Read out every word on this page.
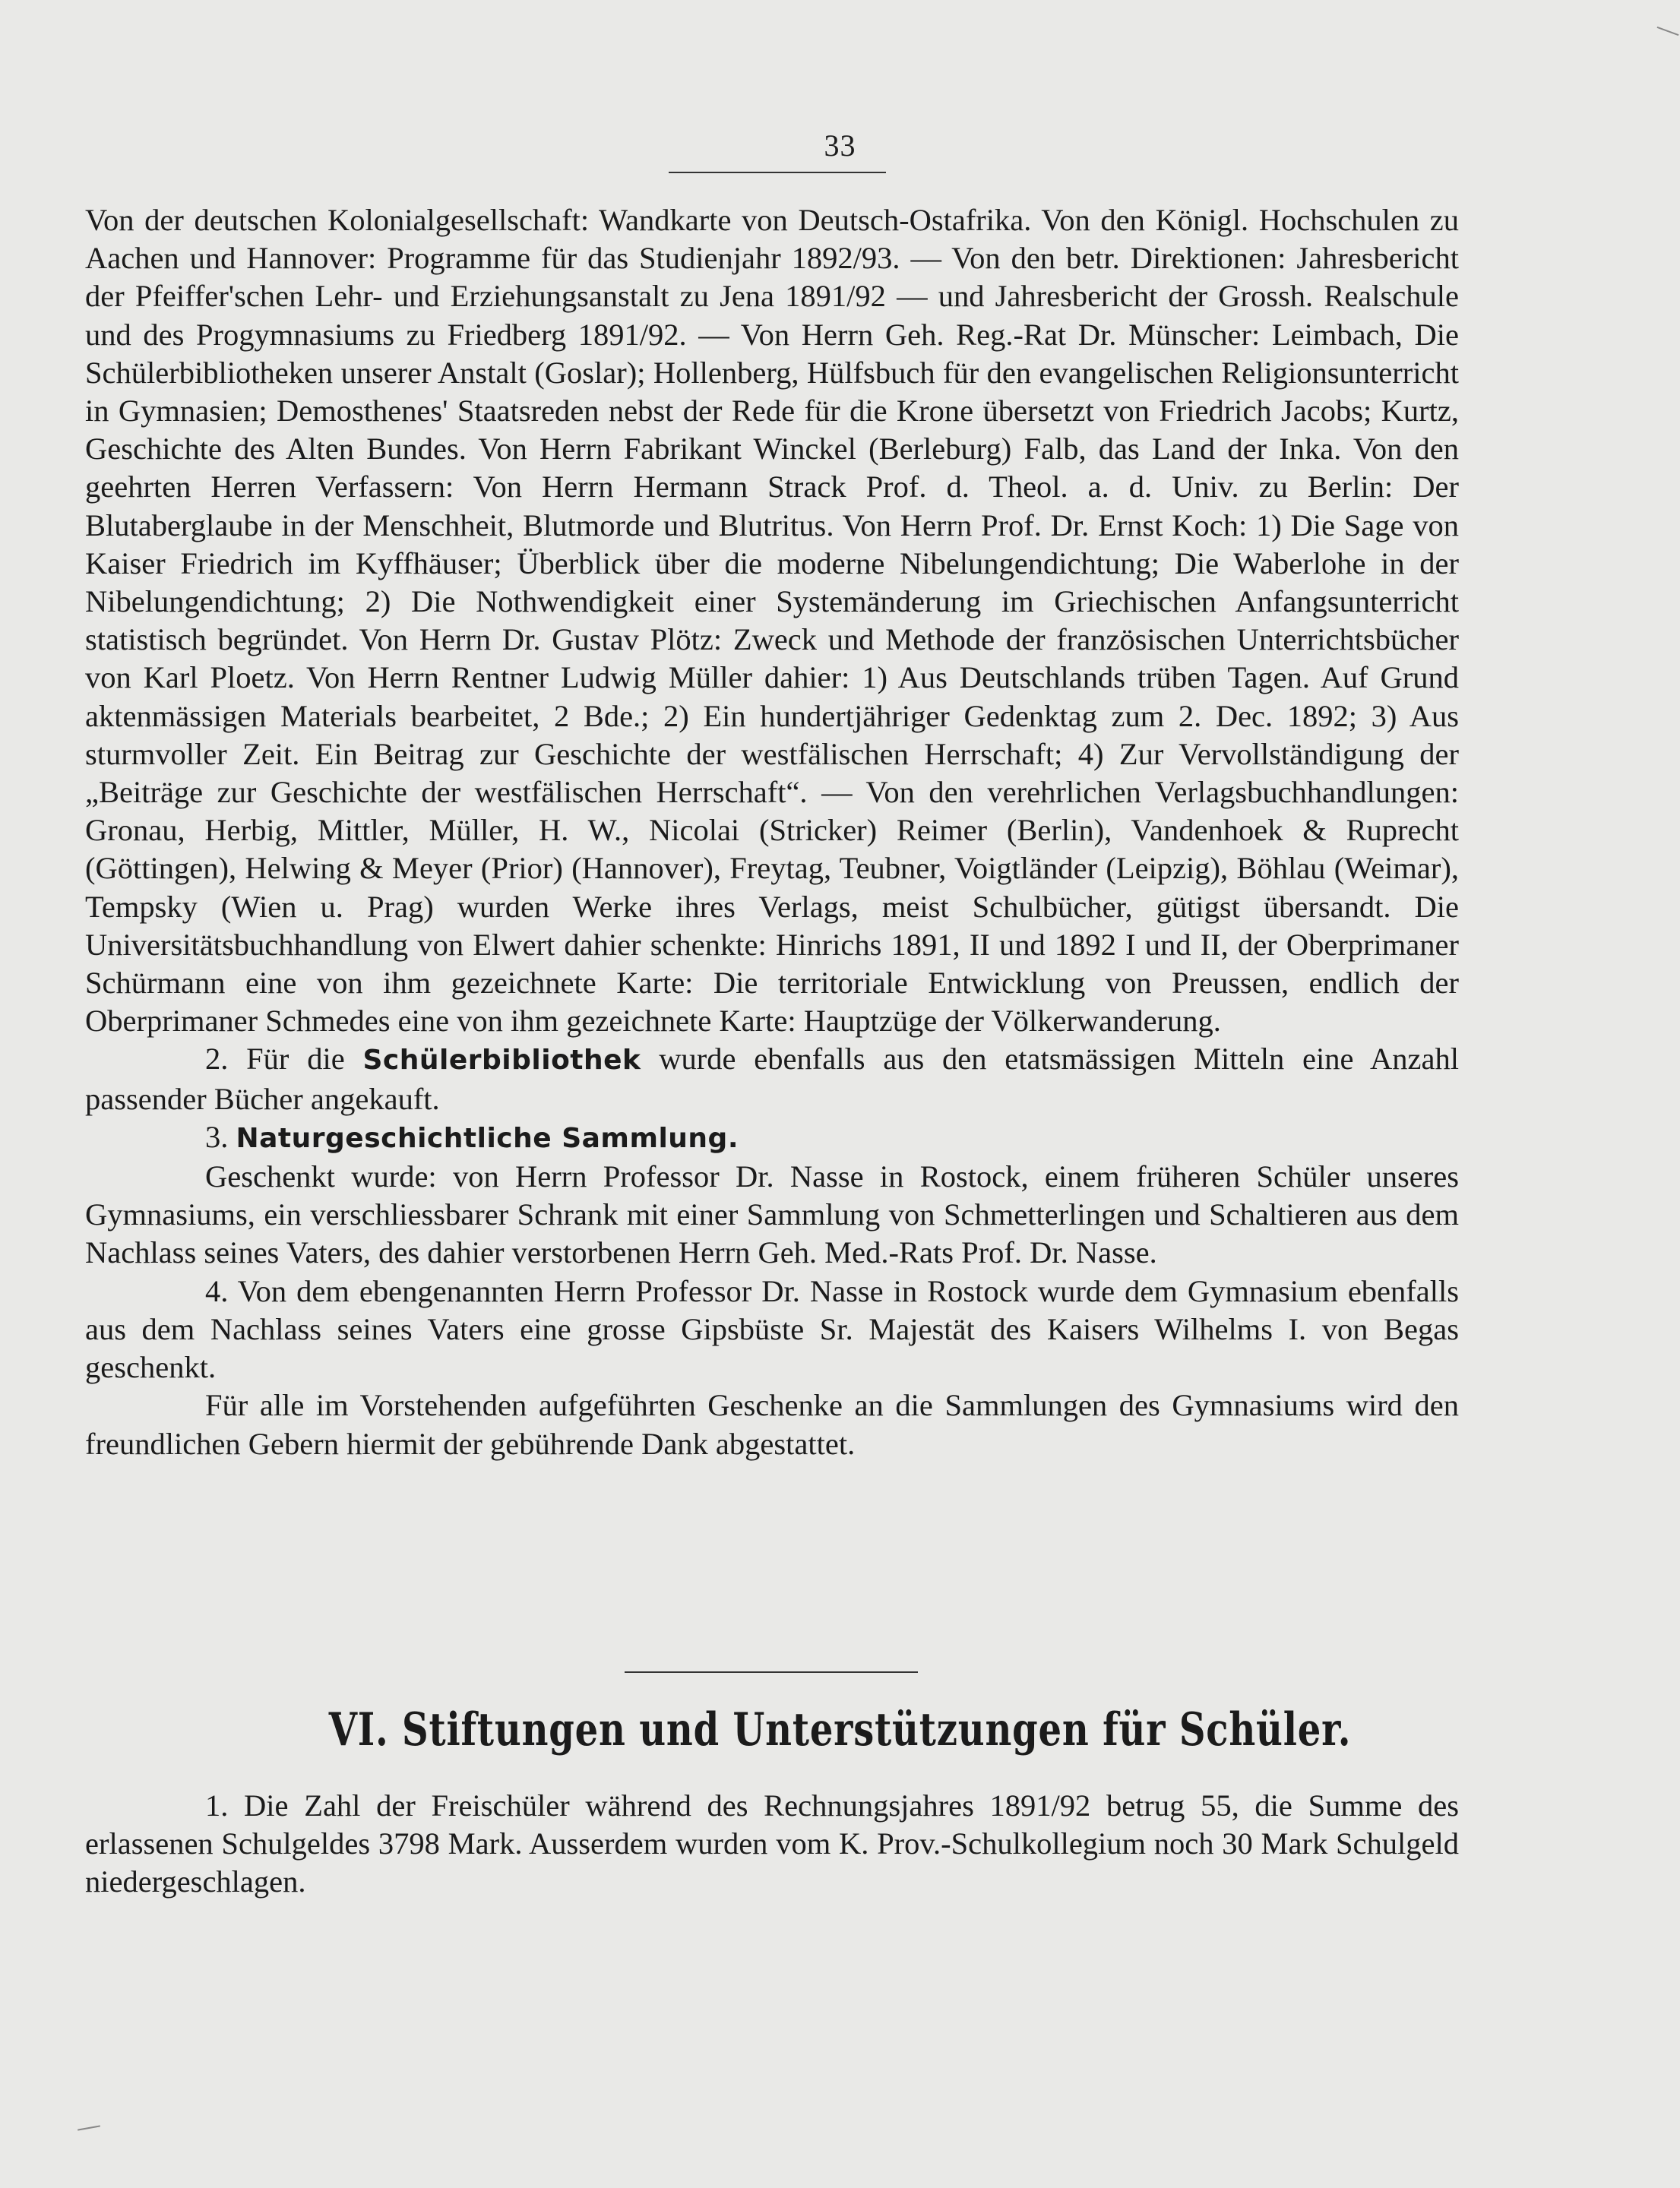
33

Von der deutschen Kolonialgesellschaft: Wandkarte von Deutsch-Ostafrika. Von den Königl. Hochschulen zu Aachen und Hannover: Programme für das Studienjahr 1892/93. — Von den betr. Direktionen: Jahresbericht der Pfeiffer'schen Lehr- und Erziehungsanstalt zu Jena 1891/92 — und Jahresbericht der Grossh. Realschule und des Progymnasiums zu Friedberg 1891/92. — Von Herrn Geh. Reg.-Rat Dr. Münscher: Leimbach, Die Schülerbibliotheken unserer Anstalt (Goslar); Hollenberg, Hülfsbuch für den evangelischen Religionsunterricht in Gymnasien; Demosthenes' Staatsreden nebst der Rede für die Krone übersetzt von Friedrich Jacobs; Kurtz, Geschichte des Alten Bundes. Von Herrn Fabrikant Winckel (Berleburg) Falb, das Land der Inka. Von den geehrten Herren Verfassern: Von Herrn Hermann Strack Prof. d. Theol. a. d. Univ. zu Berlin: Der Blutaberglaube in der Menschheit, Blutmorde und Blutritus. Von Herrn Prof. Dr. Ernst Koch: 1) Die Sage von Kaiser Friedrich im Kyffhäuser; Überblick über die moderne Nibelungendichtung; Die Waberlohe in der Nibelungendichtung; 2) Die Nothwendigkeit einer Systemänderung im Griechischen Anfangsunterricht statistisch begründet. Von Herrn Dr. Gustav Plötz: Zweck und Methode der französischen Unterrichtsbücher von Karl Ploetz. Von Herrn Rentner Ludwig Müller dahier: 1) Aus Deutschlands trüben Tagen. Auf Grund aktenmässigen Materials bearbeitet, 2 Bde.; 2) Ein hundertjähriger Gedenktag zum 2. Dec. 1892; 3) Aus sturmvoller Zeit. Ein Beitrag zur Geschichte der westfälischen Herrschaft; 4) Zur Vervollständigung der „Beiträge zur Geschichte der westfälischen Herrschaft“. — Von den verehrlichen Verlagsbuchhandlungen: Gronau, Herbig, Mittler, Müller, H. W., Nicolai (Stricker) Reimer (Berlin), Vandenhoek & Ruprecht (Göttingen), Helwing & Meyer (Prior) (Hannover), Freytag, Teubner, Voigtländer (Leipzig), Böhlau (Weimar), Tempsky (Wien u. Prag) wurden Werke ihres Verlags, meist Schulbücher, gütigst übersandt. Die Universitätsbuchhandlung von Elwert dahier schenkte: Hinrichs 1891, II und 1892 I und II, der Oberprimaner Schürmann eine von ihm gezeichnete Karte: Die territoriale Entwicklung von Preussen, endlich der Oberprimaner Schmedes eine von ihm gezeichnete Karte: Hauptzüge der Völkerwanderung.

2. Für die Schülerbibliothek wurde ebenfalls aus den etatsmässigen Mitteln eine Anzahl passender Bücher angekauft.

3. Naturgeschichtliche Sammlung.

Geschenkt wurde: von Herrn Professor Dr. Nasse in Rostock, einem früheren Schüler unseres Gymnasiums, ein verschliessbarer Schrank mit einer Sammlung von Schmetterlingen und Schaltieren aus dem Nachlass seines Vaters, des dahier verstorbenen Herrn Geh. Med.-Rats Prof. Dr. Nasse.

4. Von dem ebengenannten Herrn Professor Dr. Nasse in Rostock wurde dem Gymnasium ebenfalls aus dem Nachlass seines Vaters eine grosse Gipsbüste Sr. Majestät des Kaisers Wilhelms I. von Begas geschenkt.

Für alle im Vorstehenden aufgeführten Geschenke an die Sammlungen des Gymnasiums wird den freundlichen Gebern hiermit der gebührende Dank abgestattet.

VI. Stiftungen und Unterstützungen für Schüler.

1. Die Zahl der Freischüler während des Rechnungsjahres 1891/92 betrug 55, die Summe des erlassenen Schulgeldes 3798 Mark. Ausserdem wurden vom K. Prov.-Schulkollegium noch 30 Mark Schulgeld niedergeschlagen.
